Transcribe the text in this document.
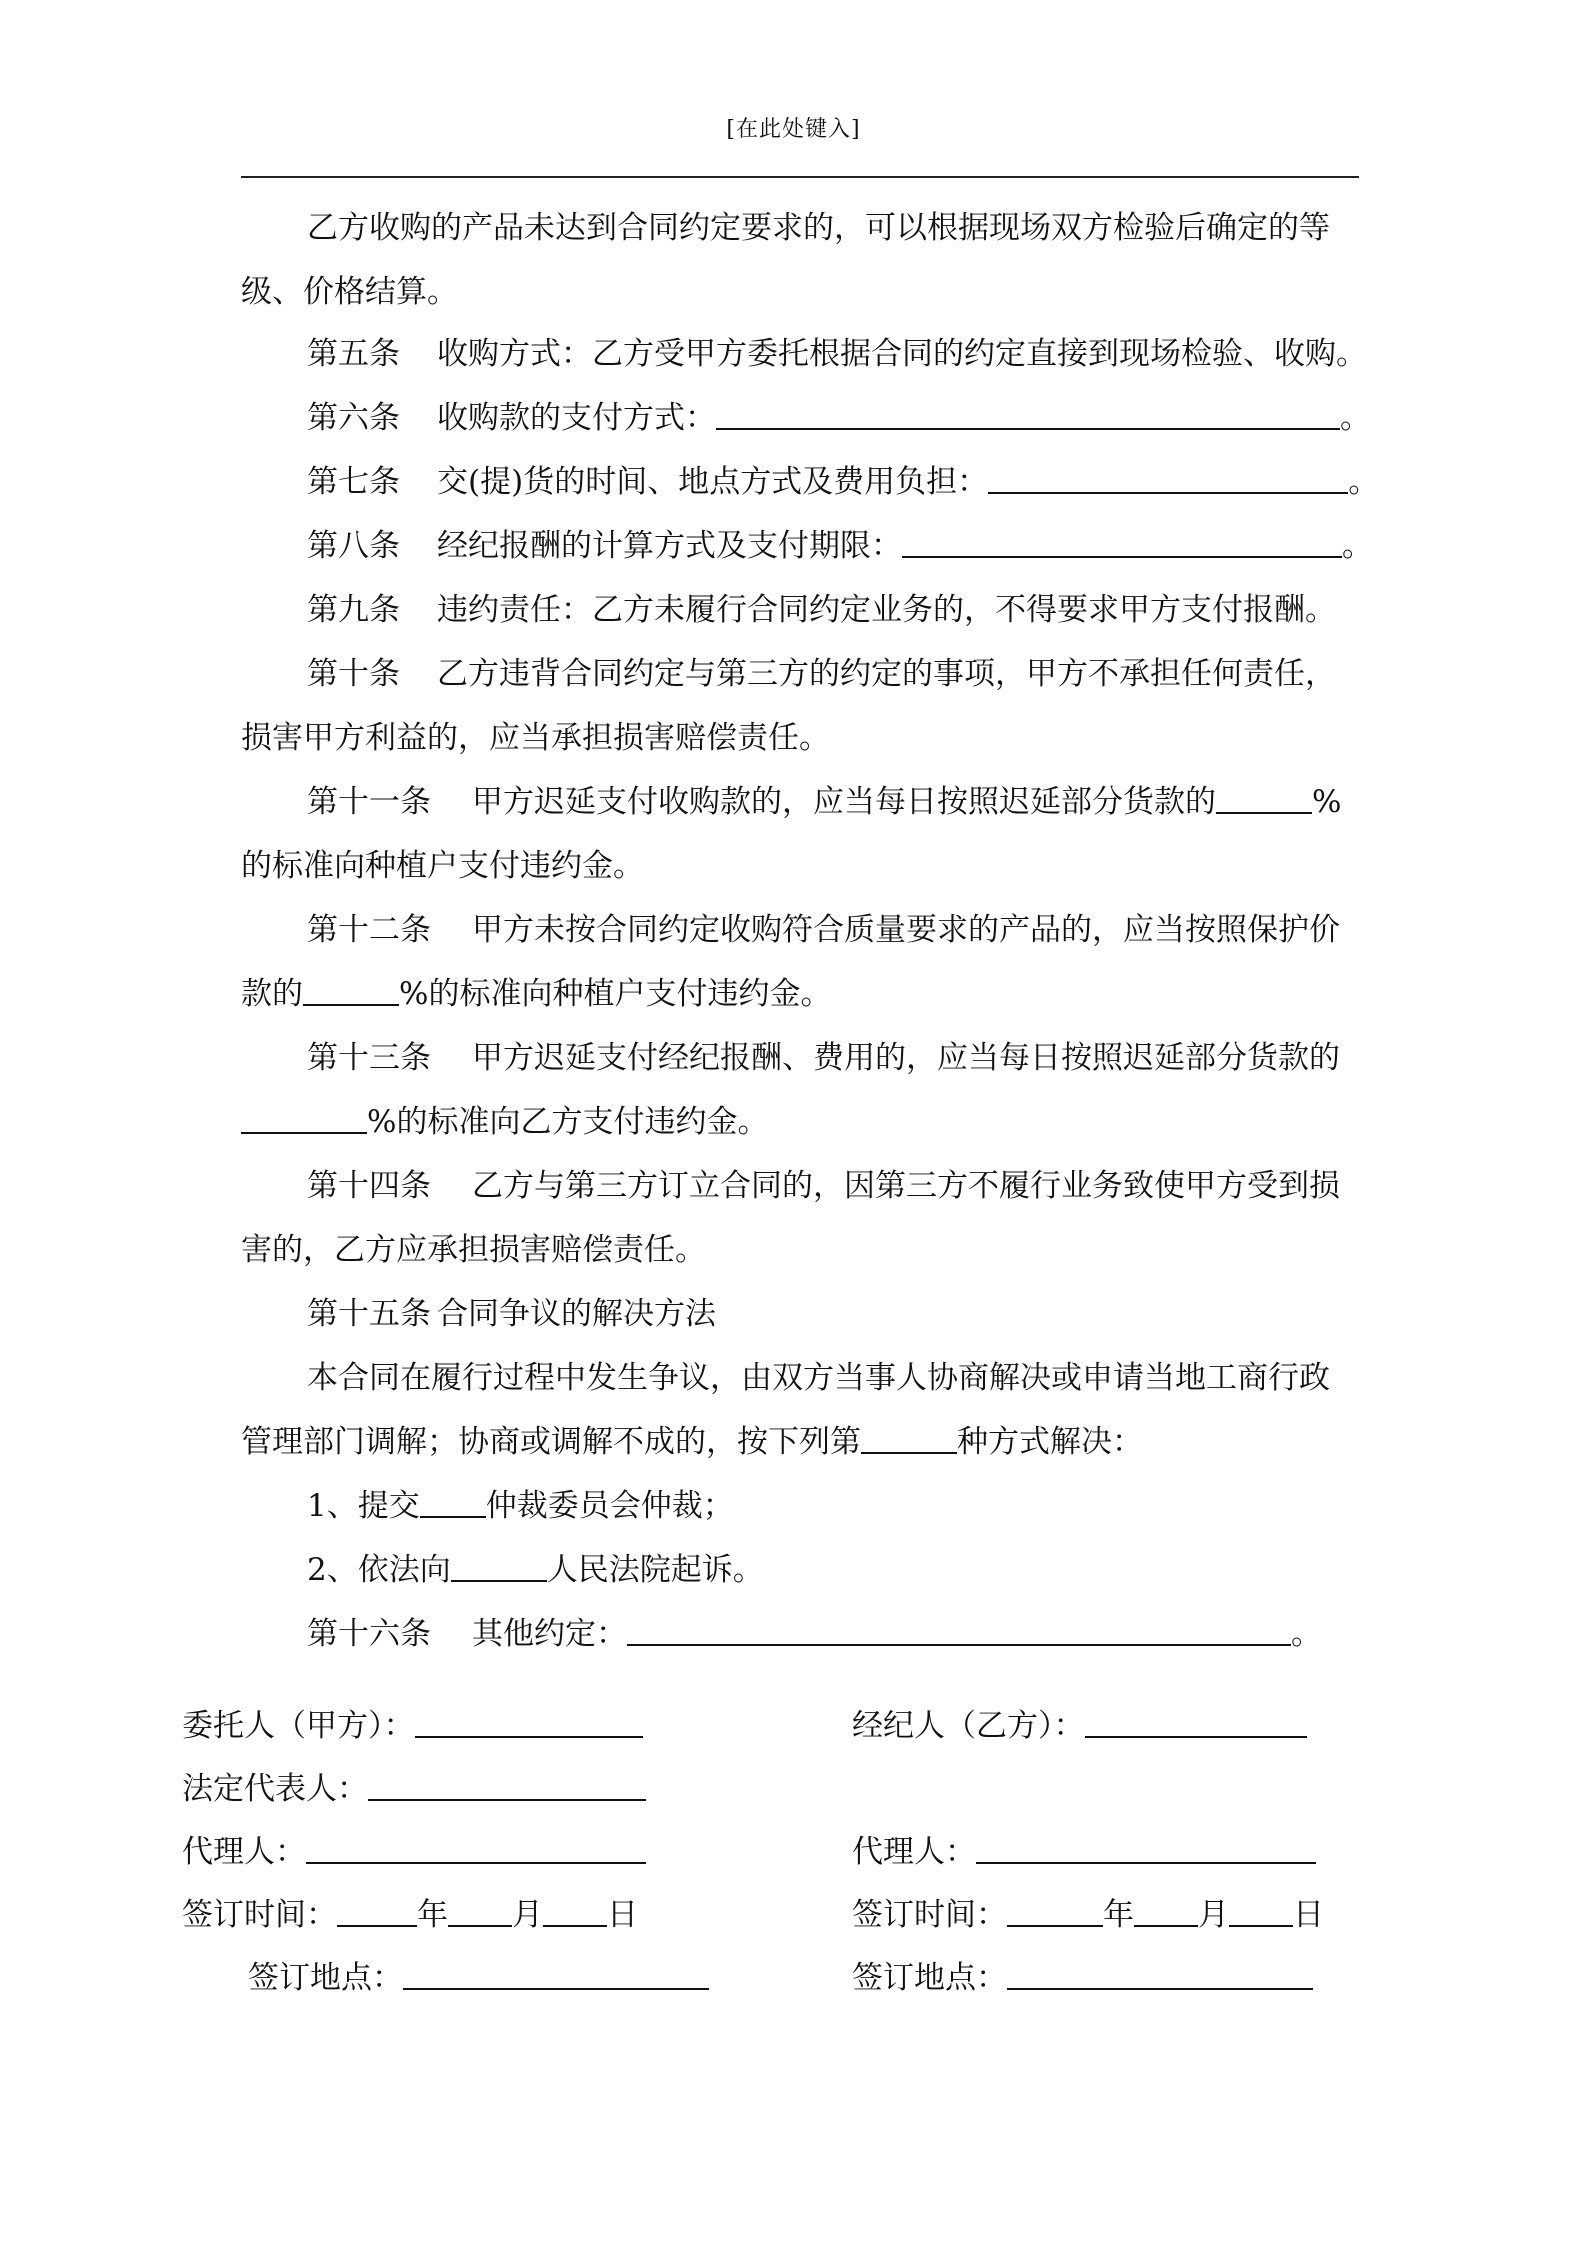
[在此处键入]
乙方收购的产品未达到合同约定要求的，可以根据现场双方检验后确定的等
级、价格结算。
第五条 收购方式：乙方受甲方委托根据合同的约定直接到现场检验、收购。
第六条 收购款的支付方式：	。
第七条 交(提)货的时间、地点方式及费用负担：	。
第八条 经纪报酬的计算方式及支付期限：	。
第九条 违约责任：乙方未履行合同约定业务的，不得要求甲方支付报酬。
第十条 乙方违背合同约定与第三方的约定的事项，甲方不承担任何责任，
损害甲方利益的，应当承担损害赔偿责任。
第十一条 甲方迟延支付收购款的，应当每日按照迟延部分货款的	%
的标准向种植户支付违约金。
第十二条 甲方未按合同约定收购符合质量要求的产品的，应当按照保护价
款的	%的标准向种植户支付违约金。
第十三条 甲方迟延支付经纪报酬、费用的，应当每日按照迟延部分货款的
%的标准向乙方支付违约金。
第十四条 乙方与第三方订立合同的，因第三方不履行业务致使甲方受到损
害的，乙方应承担损害赔偿责任。
第十五条 合同争议的解决方法
本合同在履行过程中发生争议，由双方当事人协商解决或申请当地工商行政
管理部门调解；协商或调解不成的，按下列第	种方式解决：
1、提交 仲裁委员会仲裁；
2、依法向	人民法院起诉。
第十六条 其他约定：	。
委托人（甲方）：	经纪人（乙方）：
法定代表人：
代理人：	代理人：
签订时间：	年 月 日	签订时间：	年 月 日
签订地点：	签订地点：
